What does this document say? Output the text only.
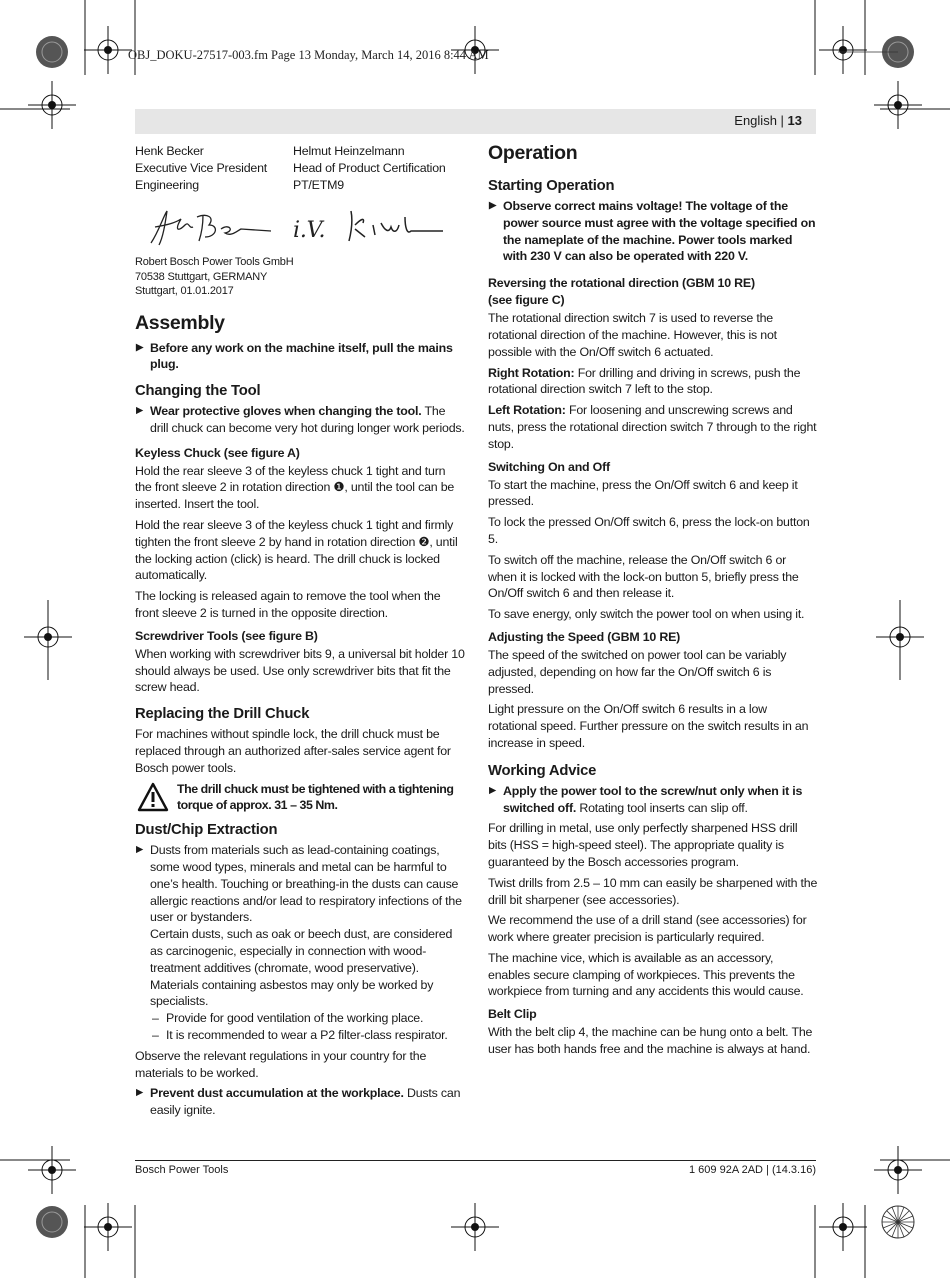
OBJ_DOKU-27517-003.fm Page 13 Monday, March 14, 2016 8:44 AM
English | 13
Henk Becker
Executive Vice President
Engineering
Helmut Heinzelmann
Head of Product Certification
PT/ETM9
i.V.
Robert Bosch Power Tools GmbH
70538 Stuttgart, GERMANY
Stuttgart, 01.01.2017
Assembly
▶ Before any work on the machine itself, pull the mains plug.
Changing the Tool
▶ Wear protective gloves when changing the tool. The drill chuck can become very hot during longer work periods.
Keyless Chuck (see figure A)

Hold the rear sleeve 3 of the keyless chuck 1 tight and turn the front sleeve 2 in rotation direction ❶, until the tool can be inserted. Insert the tool.

Hold the rear sleeve 3 of the keyless chuck 1 tight and firmly tighten the front sleeve 2 by hand in rotation direction ❷, until the locking action (click) is heard. The drill chuck is locked automatically.

The locking is released again to remove the tool when the front sleeve 2 is turned in the opposite direction.

Screwdriver Tools (see figure B)

When working with screwdriver bits 9, a universal bit holder 10 should always be used. Use only screwdriver bits that fit the screw head.

Replacing the Drill Chuck

For machines without spindle lock, the drill chuck must be replaced through an authorized after-sales service agent for Bosch power tools.

The drill chuck must be tightened with a tightening torque of approx. 31 – 35 Nm.
Dust/Chip Extraction
▶ Dusts from materials such as lead-containing coatings, some wood types, minerals and metal can be harmful to one’s health. Touching or breathing-in the dusts can cause allergic reactions and/or lead to respiratory infections of the user or bystanders.
Certain dusts, such as oak or beech dust, are considered as carcinogenic, especially in connection with wood-treatment additives (chromate, wood preservative). Materials containing asbestos may only be worked by specialists.
– Provide for good ventilation of the working place.
– It is recommended to wear a P2 filter-class respirator.

Observe the relevant regulations in your country for the materials to be worked.

▶ Prevent dust accumulation at the workplace. Dusts can easily ignite.
Operation
Starting Operation
▶ Observe correct mains voltage! The voltage of the power source must agree with the voltage specified on the nameplate of the machine. Power tools marked with 230 V can also be operated with 220 V.
Reversing the rotational direction (GBM 10 RE)
(see figure C)

The rotational direction switch 7 is used to reverse the rotational direction of the machine. However, this is not possible with the On/Off switch 6 actuated.

Right Rotation: For drilling and driving in screws, push the rotational direction switch 7 left to the stop.

Left Rotation: For loosening and unscrewing screws and nuts, press the rotational direction switch 7 through to the right stop.

Switching On and Off

To start the machine, press the On/Off switch 6 and keep it pressed.

To lock the pressed On/Off switch 6, press the lock-on button 5.

To switch off the machine, release the On/Off switch 6 or when it is locked with the lock-on button 5, briefly press the On/Off switch 6 and then release it.

To save energy, only switch the power tool on when using it.

Adjusting the Speed (GBM 10 RE)

The speed of the switched on power tool can be variably adjusted, depending on how far the On/Off switch 6 is pressed.

Light pressure on the On/Off switch 6 results in a low rotational speed. Further pressure on the switch results in an increase in speed.

Working Advice
▶ Apply the power tool to the screw/nut only when it is switched off. Rotating tool inserts can slip off.

For drilling in metal, use only perfectly sharpened HSS drill bits (HSS = high-speed steel). The appropriate quality is guaranteed by the Bosch accessories program.

Twist drills from 2.5 – 10 mm can easily be sharpened with the drill bit sharpener (see accessories).

We recommend the use of a drill stand (see accessories) for work where greater precision is particularly required.

The machine vice, which is available as an accessory, enables secure clamping of workpieces. This prevents the workpiece from turning and any accidents this would cause.

Belt Clip

With the belt clip 4, the machine can be hung onto a belt. The user has both hands free and the machine is always at hand.

Bosch Power Tools	1 609 92A 2AD | (14.3.16)
